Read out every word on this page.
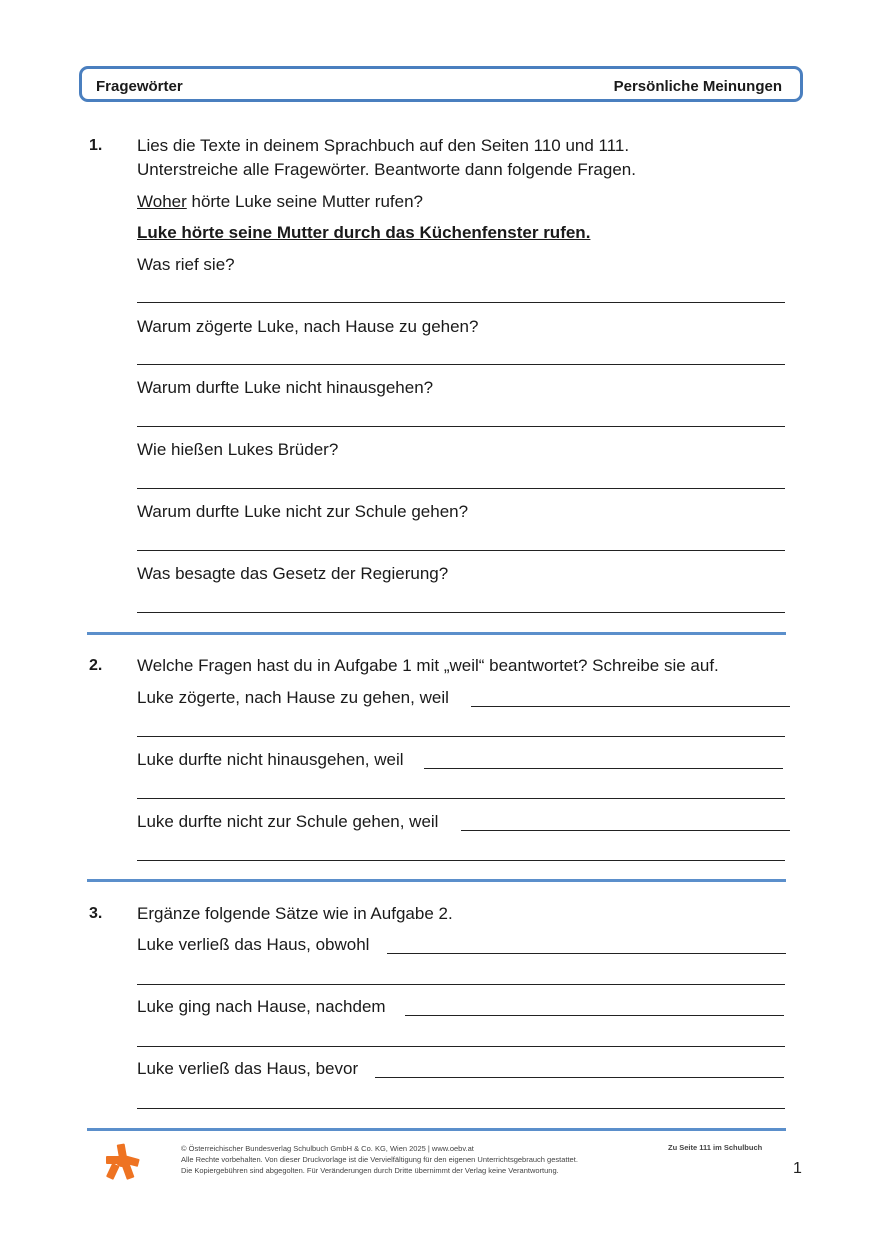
Fragewörter	Persönliche Meinungen
1. Lies die Texte in deinem Sprachbuch auf den Seiten 110 und 111.
Unterstreiche alle Fragewörter. Beantworte dann folgende Fragen.
Woher hörte Luke seine Mutter rufen?
Luke hörte seine Mutter durch das Küchenfenster rufen.
Was rief sie?
Warum zögerte Luke, nach Hause zu gehen?
Warum durfte Luke nicht hinausgehen?
Wie hießen Lukes Brüder?
Warum durfte Luke nicht zur Schule gehen?
Was besagte das Gesetz der Regierung?
2. Welche Fragen hast du in Aufgabe 1 mit „weil“ beantwortet? Schreibe sie auf.
Luke zögerte, nach Hause zu gehen, weil
Luke durfte nicht hinausgehen, weil
Luke durfte nicht zur Schule gehen, weil
3. Ergänze folgende Sätze wie in Aufgabe 2.
Luke verließ das Haus, obwohl
Luke ging nach Hause, nachdem
Luke verließ das Haus, bevor
© Österreichischer Bundesverlag Schulbuch GmbH & Co. KG, Wien 2025 | www.oebv.at
Alle Rechte vorbehalten. Von dieser Druckvorlage ist die Vervielfältigung für den eigenen Unterrichtsgebrauch gestattet.
Die Kopiergebühren sind abgegolten. Für Veränderungen durch Dritte übernimmt der Verlag keine Verantwortung.
Zu Seite 111 im Schulbuch
1
